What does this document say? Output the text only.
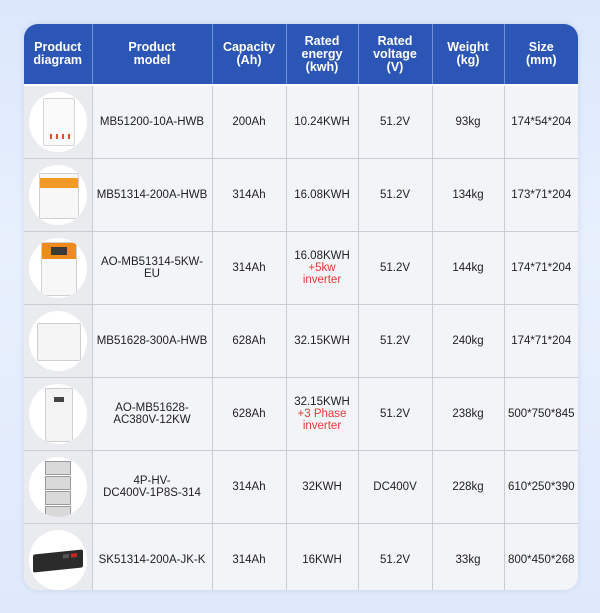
Product
diagram	Product
model	Capacity
(Ah)	Rated
energy
(kwh)	Rated
voltage
(V)	Weight
(kg)	Size
(mm)

	MB51200-10A-HWB	200Ah	10.24KWH	51.2V	93kg	174*54*204

	MB51314-200A-HWB	314Ah	16.08KWH	51.2V	134kg	173*71*204

	AO-MB51314-5KW-EU	314Ah	16.08KWH
+5kw
inverter	51.2V	144kg	174*71*204

	MB51628-300A-HWB	628Ah	32.15KWH	51.2V	240kg	174*71*204

	AO-MB51628-
AC380V-12KW	628Ah	32.15KWH
+3 Phase
inverter	51.2V	238kg	500*750*845

	4P-HV-
DC400V-1P8S-314	314Ah	32KWH	DC400V	228kg	610*250*390

	SK51314-200A-JK-K	314Ah	16KWH	51.2V	33kg	800*450*268
